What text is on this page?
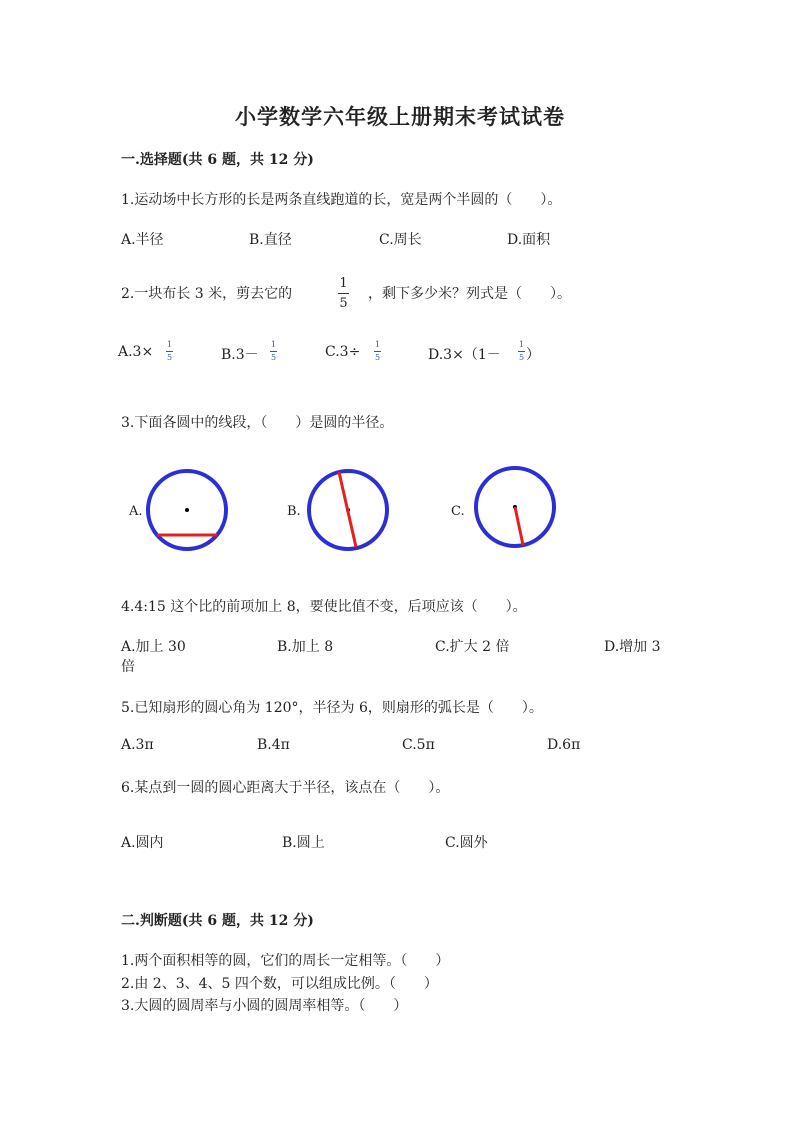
小学数学六年级上册期末考试试卷
一.选择题(共 6 题，共 12 分)
1.运动场中长方形的长是两条直线跑道的长，宽是两个半圆的（　　）。
A.半径	B.直径	C.周长	D.面积
2.一块布长 3 米，剪去它的
1
5
，剩下多少米？列式是（　　）。
A.3× 1
5	B.3－
1
5	C.3÷ 1
5	D.3×（1－
1
5 ）
3.下面各圆中的线段，（　　）是圆的半径。
A.	B.	C.
4.4:15 这个比的前项加上 8，要使比值不变，后项应该（　　）。
A.加上 30	B.加上 8	C.扩大 2 倍	D.增加 3
倍
5.已知扇形的圆心角为 120°，半径为 6，则扇形的弧长是（　　）。
A.3π	B.4π	C.5π	D.6π
6.某点到一圆的圆心距离大于半径，该点在（　　）。
A.圆内	B.圆上	C.圆外
二.判断题(共 6 题，共 12 分)
1.两个面积相等的圆，它们的周长一定相等。（　　）
2.由 2、3、4、5 四个数，可以组成比例。（　　）
3.大圆的圆周率与小圆的圆周率相等。（　　）
